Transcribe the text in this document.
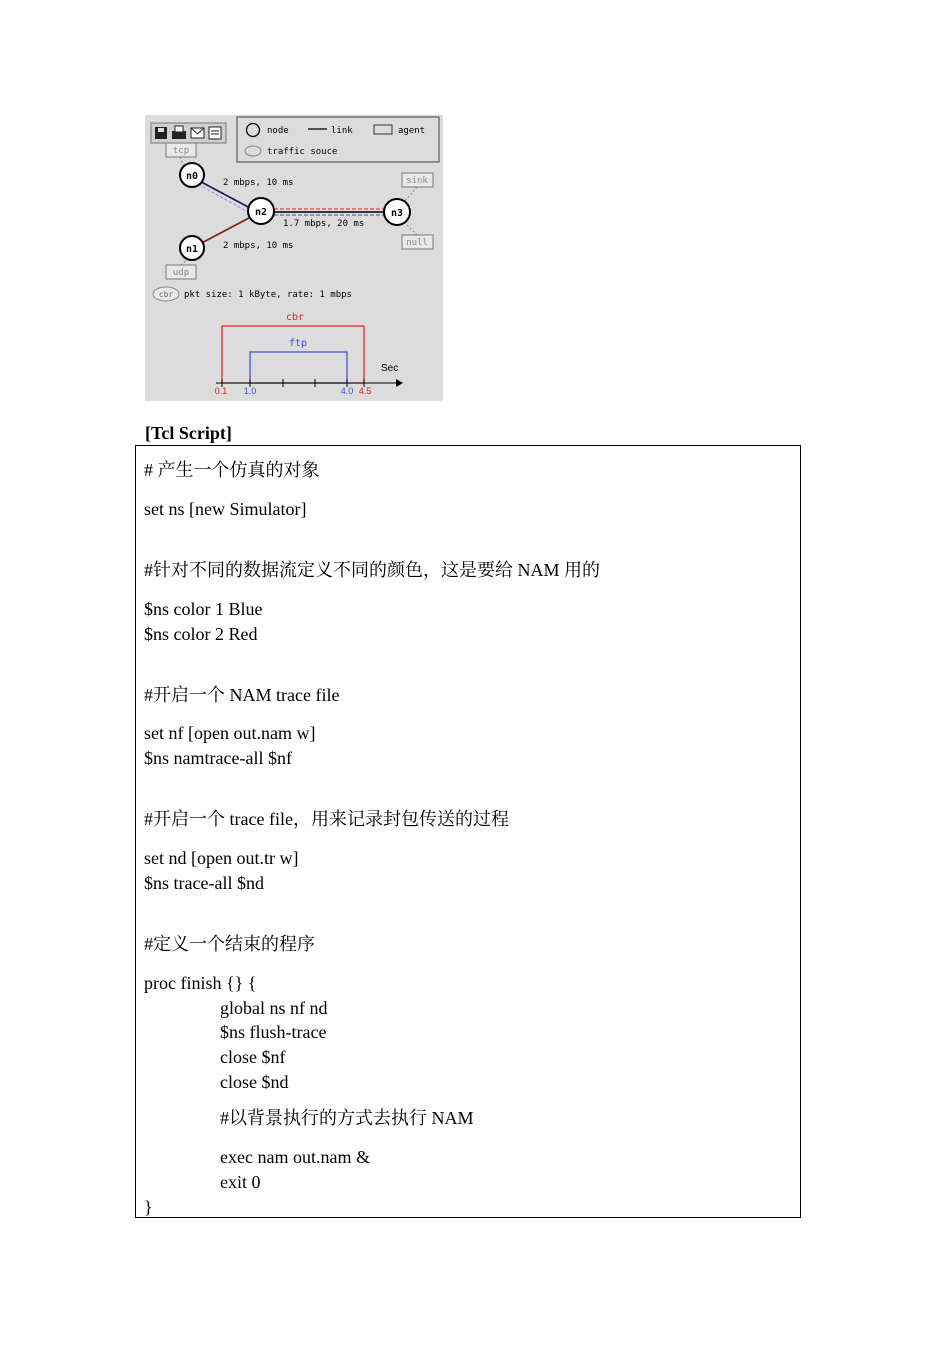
node	link	agent
traffic souce
2 mbps, 10 ms
1.7 mbps, 20 ms
2 mbps, 10 ms
n0
n1
n2	n3
tcp
udp
sink
null
cbr pkt size: 1 kByte, rate: 1 mbps
cbr
ftp
Sec
0.1 1.0	4.0 4.5
[Tcl Script]
# 产生一个仿真的对象
set ns [new Simulator]
#针对不同的数据流定义不同的颜色，这是要给 NAM 用的
$ns color 1 Blue
$ns color 2 Red
#开启一个 NAM trace file
set nf [open out.nam w]
$ns namtrace-all $nf
#开启一个 trace file，用来记录封包传送的过程
set nd [open out.tr w]
$ns trace-all $nd
#定义一个结束的程序
proc finish {} {
global ns nf nd
$ns flush-trace
close $nf
close $nd
#以背景执行的方式去执行 NAM
exec nam out.nam &
exit 0
}
